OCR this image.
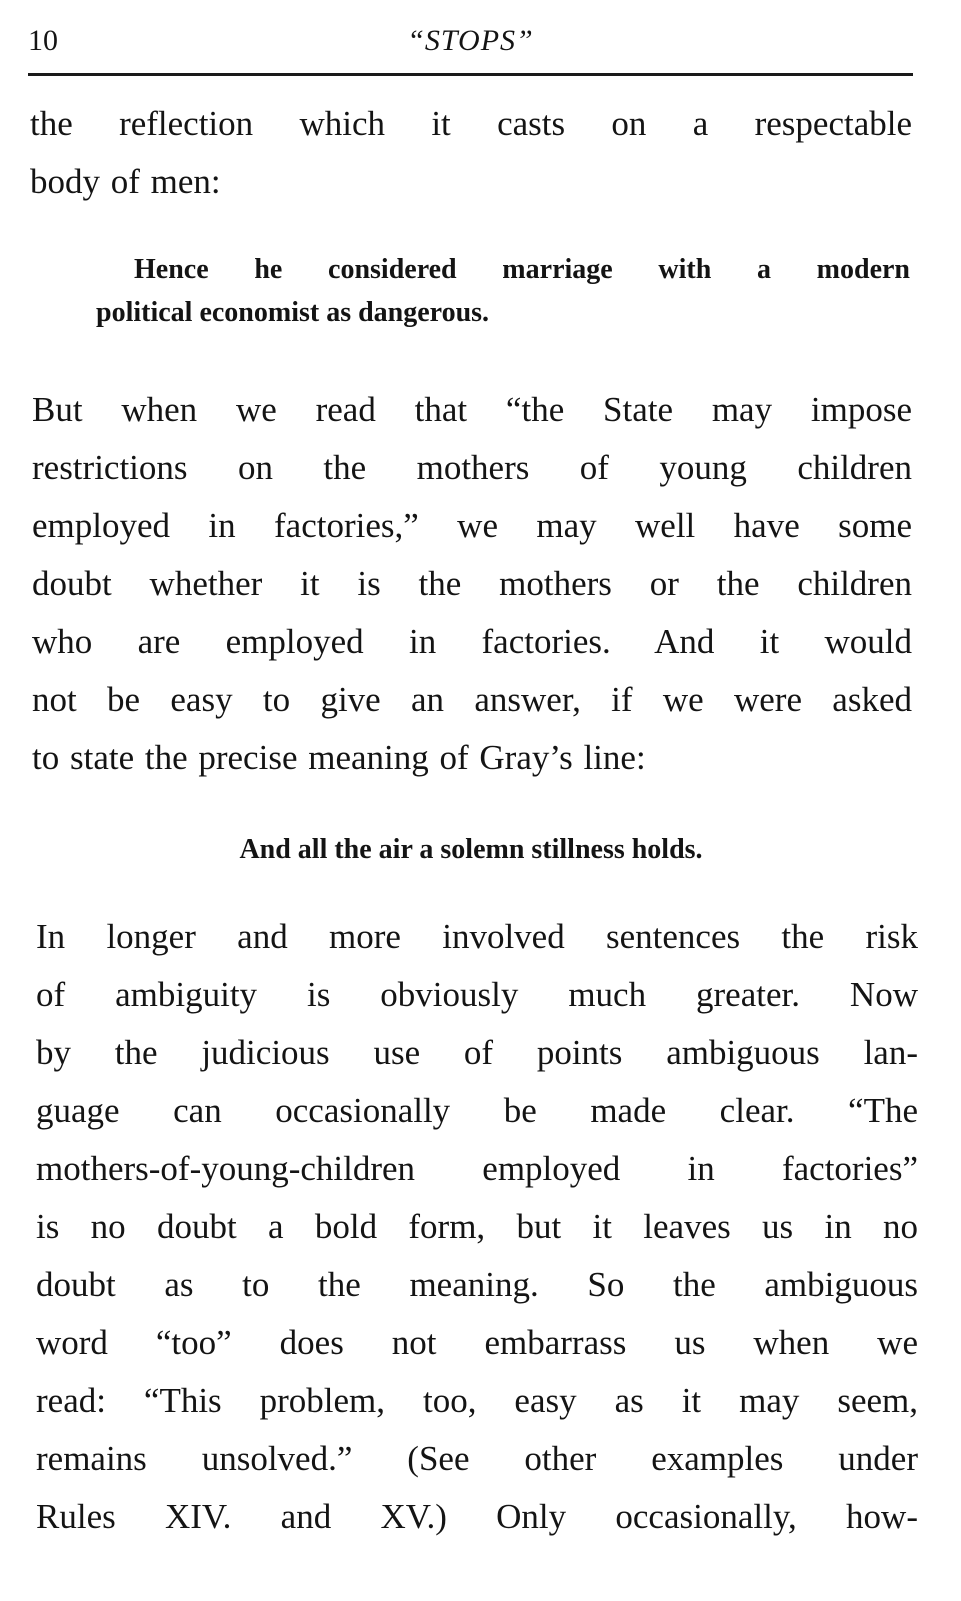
10	“STOPS”
the reflection which it casts on a respectable
body of men:
Hence he considered marriage with a modern
political economist as dangerous.
But when we read that “the State may impose
restrictions on the mothers of young children
employed in factories,” we may well have some
doubt whether it is the mothers or the children
who are employed in factories. And it would
not be easy to give an answer, if we were asked
to state the precise meaning of Gray’s line:
And all the air a solemn stillness holds.
In longer and more involved sentences the risk
of ambiguity is obviously much greater. Now
by the judicious use of points ambiguous lan-
guage can occasionally be made clear. “The
mothers-of-young-children employed in factories”
is no doubt a bold form, but it leaves us in no
doubt as to the meaning. So the ambiguous
word “too” does not embarrass us when we
read: “This problem, too, easy as it may seem,
remains unsolved.” (See other examples under
Rules XIV. and XV.) Only occasionally, how-
